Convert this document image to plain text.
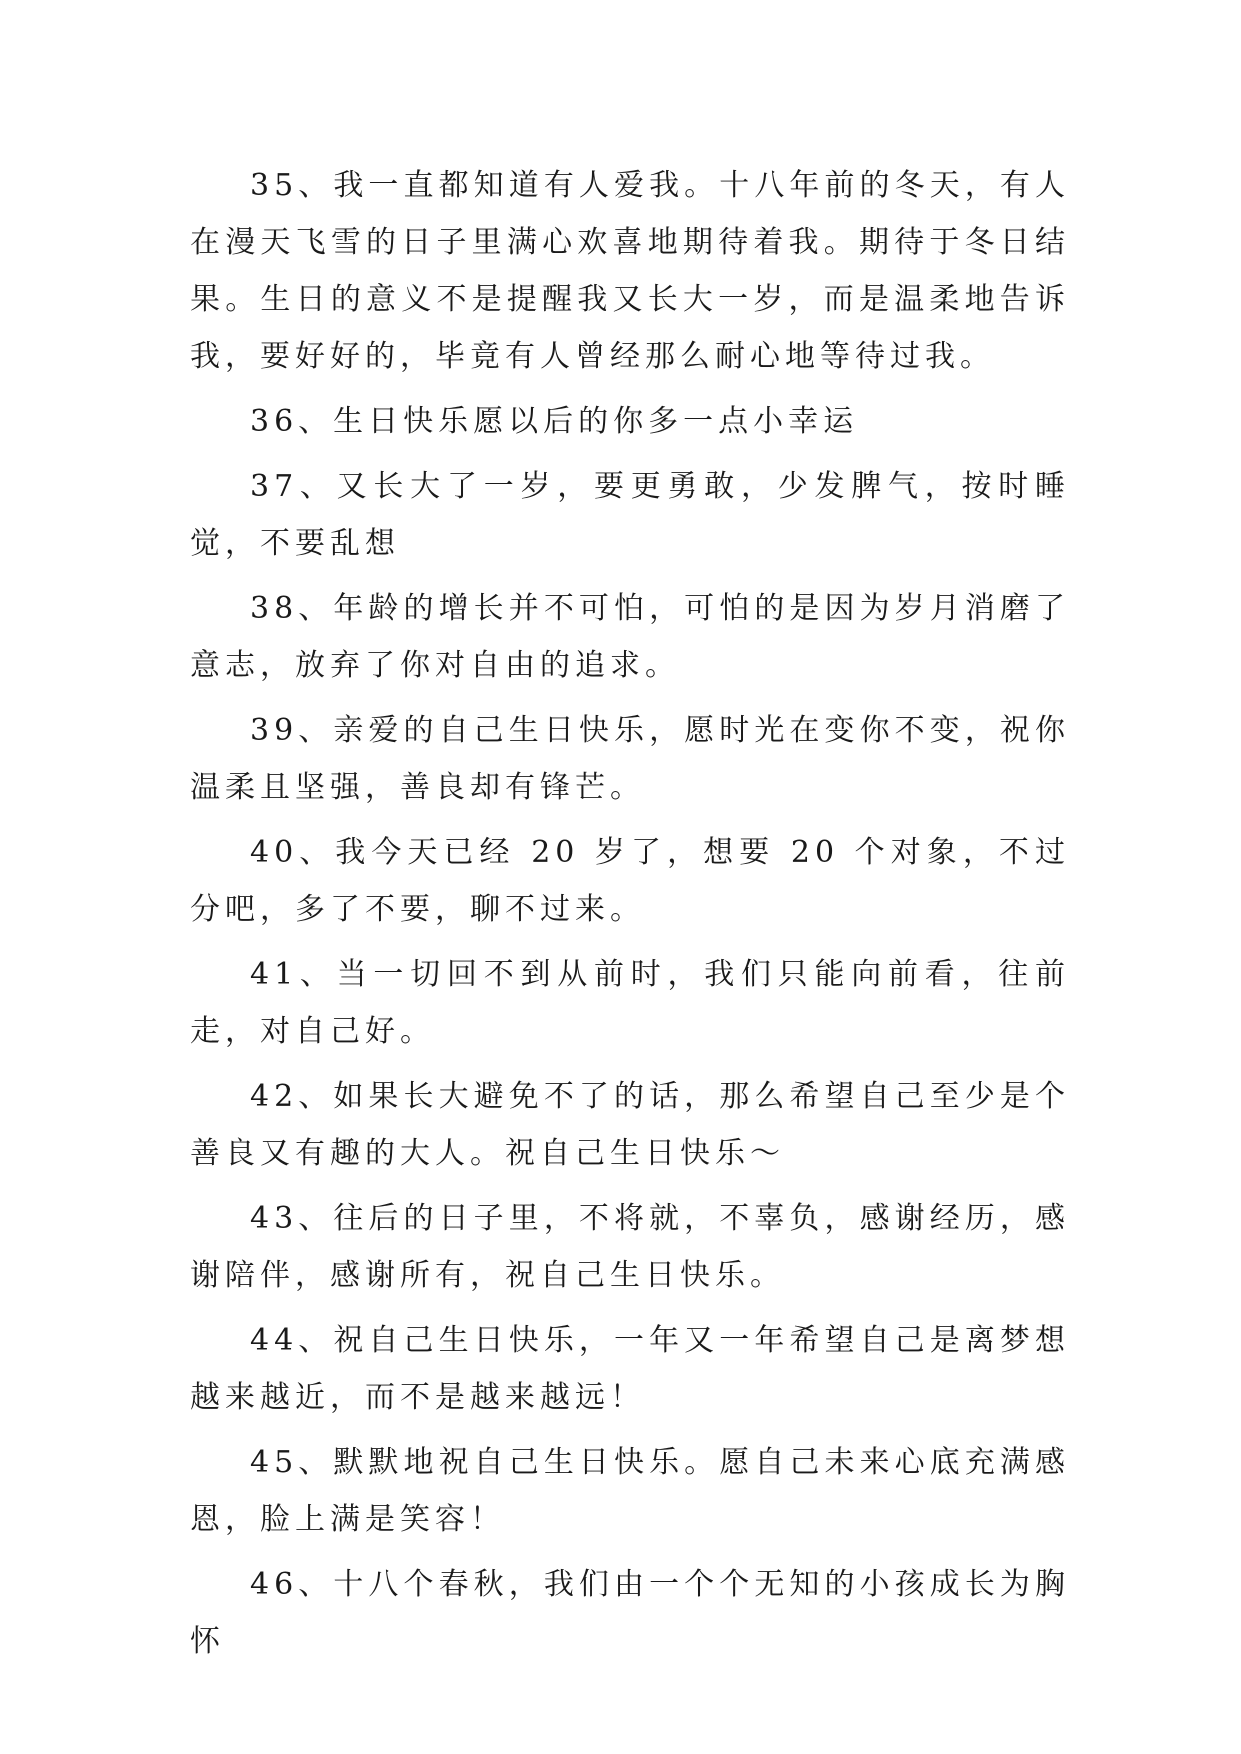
35、我一直都知道有人爱我。十八年前的冬天，有人在漫天飞雪的日子里满心欢喜地期待着我。期待于冬日结果。生日的意义不是提醒我又长大一岁，而是温柔地告诉我，要好好的，毕竟有人曾经那么耐心地等待过我。

36、生日快乐愿以后的你多一点小幸运

37、又长大了一岁，要更勇敢，少发脾气，按时睡觉，不要乱想

38、年龄的增长并不可怕，可怕的是因为岁月消磨了意志，放弃了你对自由的追求。

39、亲爱的自己生日快乐，愿时光在变你不变，祝你温柔且坚强，善良却有锋芒。

40、我今天已经 20 岁了，想要 20 个对象，不过分吧，多了不要，聊不过来。

41、当一切回不到从前时，我们只能向前看，往前走，对自己好。

42、如果长大避免不了的话，那么希望自己至少是个善良又有趣的大人。祝自己生日快乐～

43、往后的日子里，不将就，不辜负，感谢经历，感谢陪伴，感谢所有，祝自己生日快乐。

44、祝自己生日快乐，一年又一年希望自己是离梦想越来越近，而不是越来越远！

45、默默地祝自己生日快乐。愿自己未来心底充满感恩，脸上满是笑容！

46、十八个春秋，我们由一个个无知的小孩成长为胸怀
